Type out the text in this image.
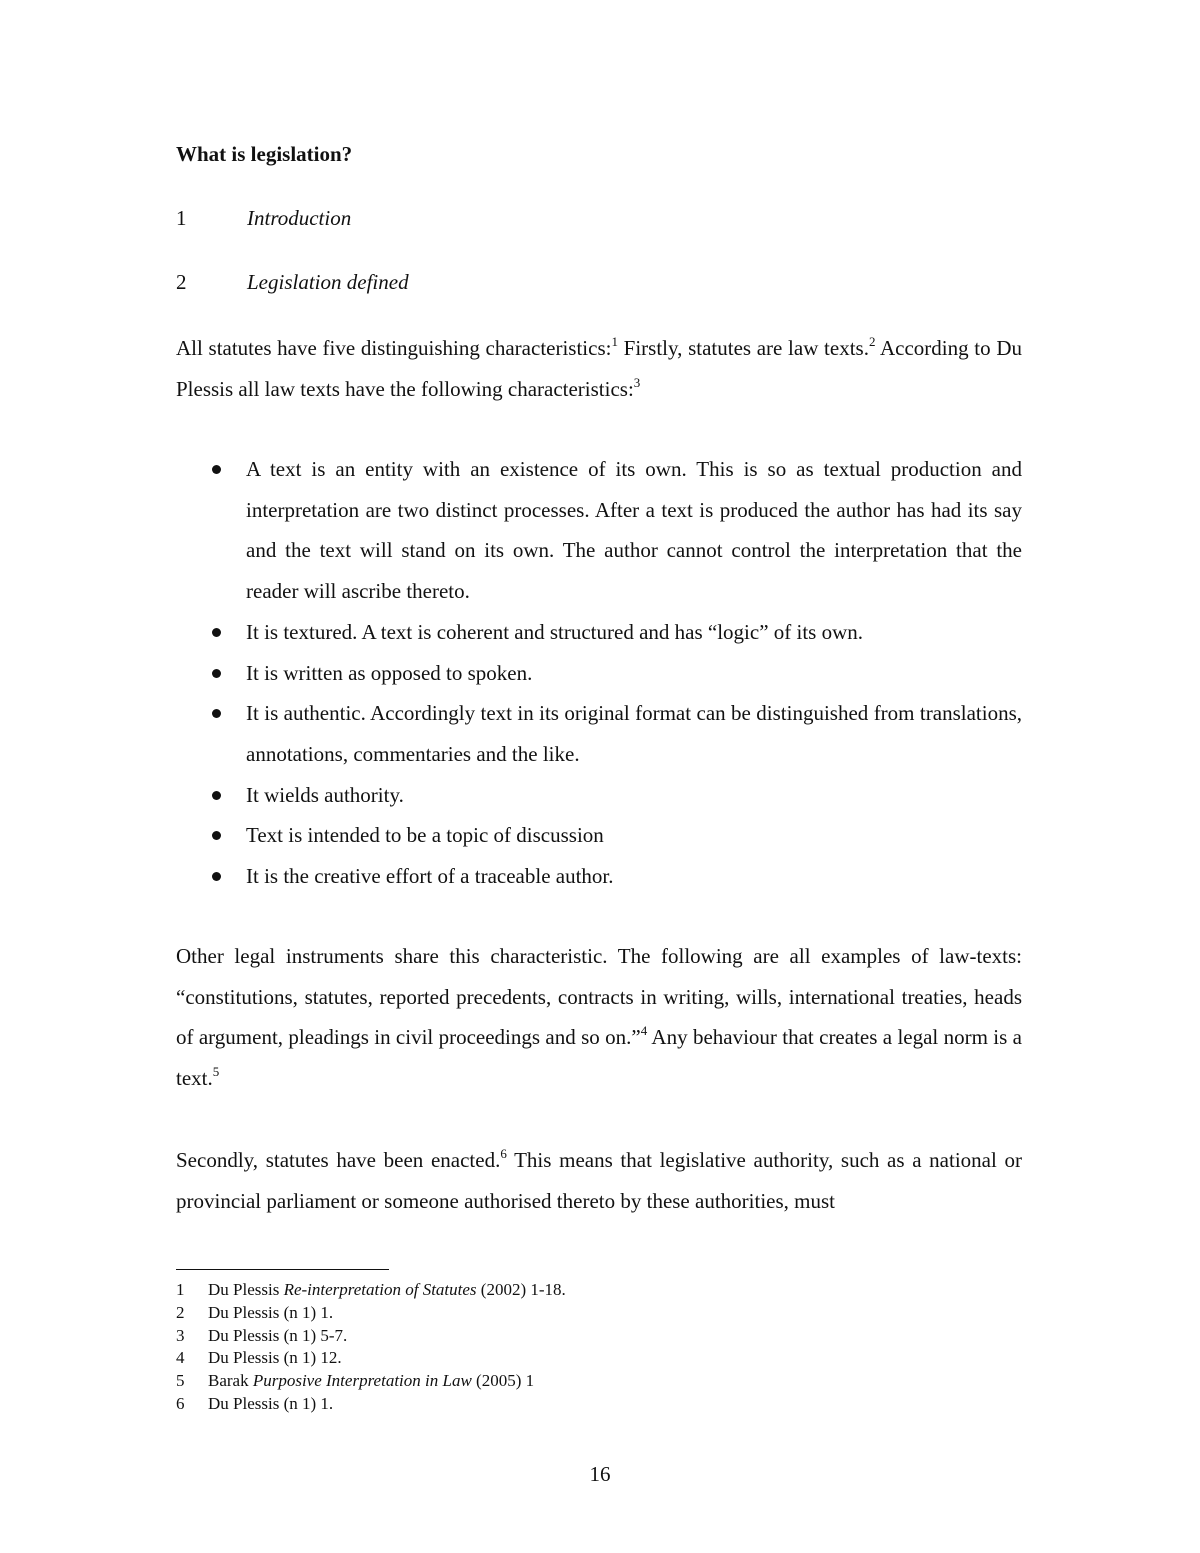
What is legislation?
1	Introduction
2	Legislation defined

All statutes have five distinguishing characteristics:$^1$ Firstly, statutes are law texts.$^2$ According to Du Plessis all law texts have the following characteristics:$^3$

A text is an entity with an existence of its own. This is so as textual production and interpretation are two distinct processes. After a text is produced the author has had its say and the text will stand on its own. The author cannot control the interpretation that the reader will ascribe thereto.
It is textured. A text is coherent and structured and has “logic” of its own.
It is written as opposed to spoken.
It is authentic. Accordingly text in its original format can be distinguished from translations, annotations, commentaries and the like.
It wields authority.
Text is intended to be a topic of discussion
It is the creative effort of a traceable author.

Other legal instruments share this characteristic. The following are all examples of law-texts: “constitutions, statutes, reported precedents, contracts in writing, wills, international treaties, heads of argument, pleadings in civil proceedings and so on.”$^4$ Any behaviour that creates a legal norm is a text.$^5$

Secondly, statutes have been enacted.$^6$ This means that legislative authority, such as a national or provincial parliament or someone authorised thereto by these authorities, must

1	Du Plessis Re-interpretation of Statutes (2002) 1-18.
2	Du Plessis (n 1) 1.
3	Du Plessis (n 1) 5-7.
4	Du Plessis (n 1) 12.
5	Barak Purposive Interpretation in Law (2005) 1
6	Du Plessis (n 1) 1.
16
